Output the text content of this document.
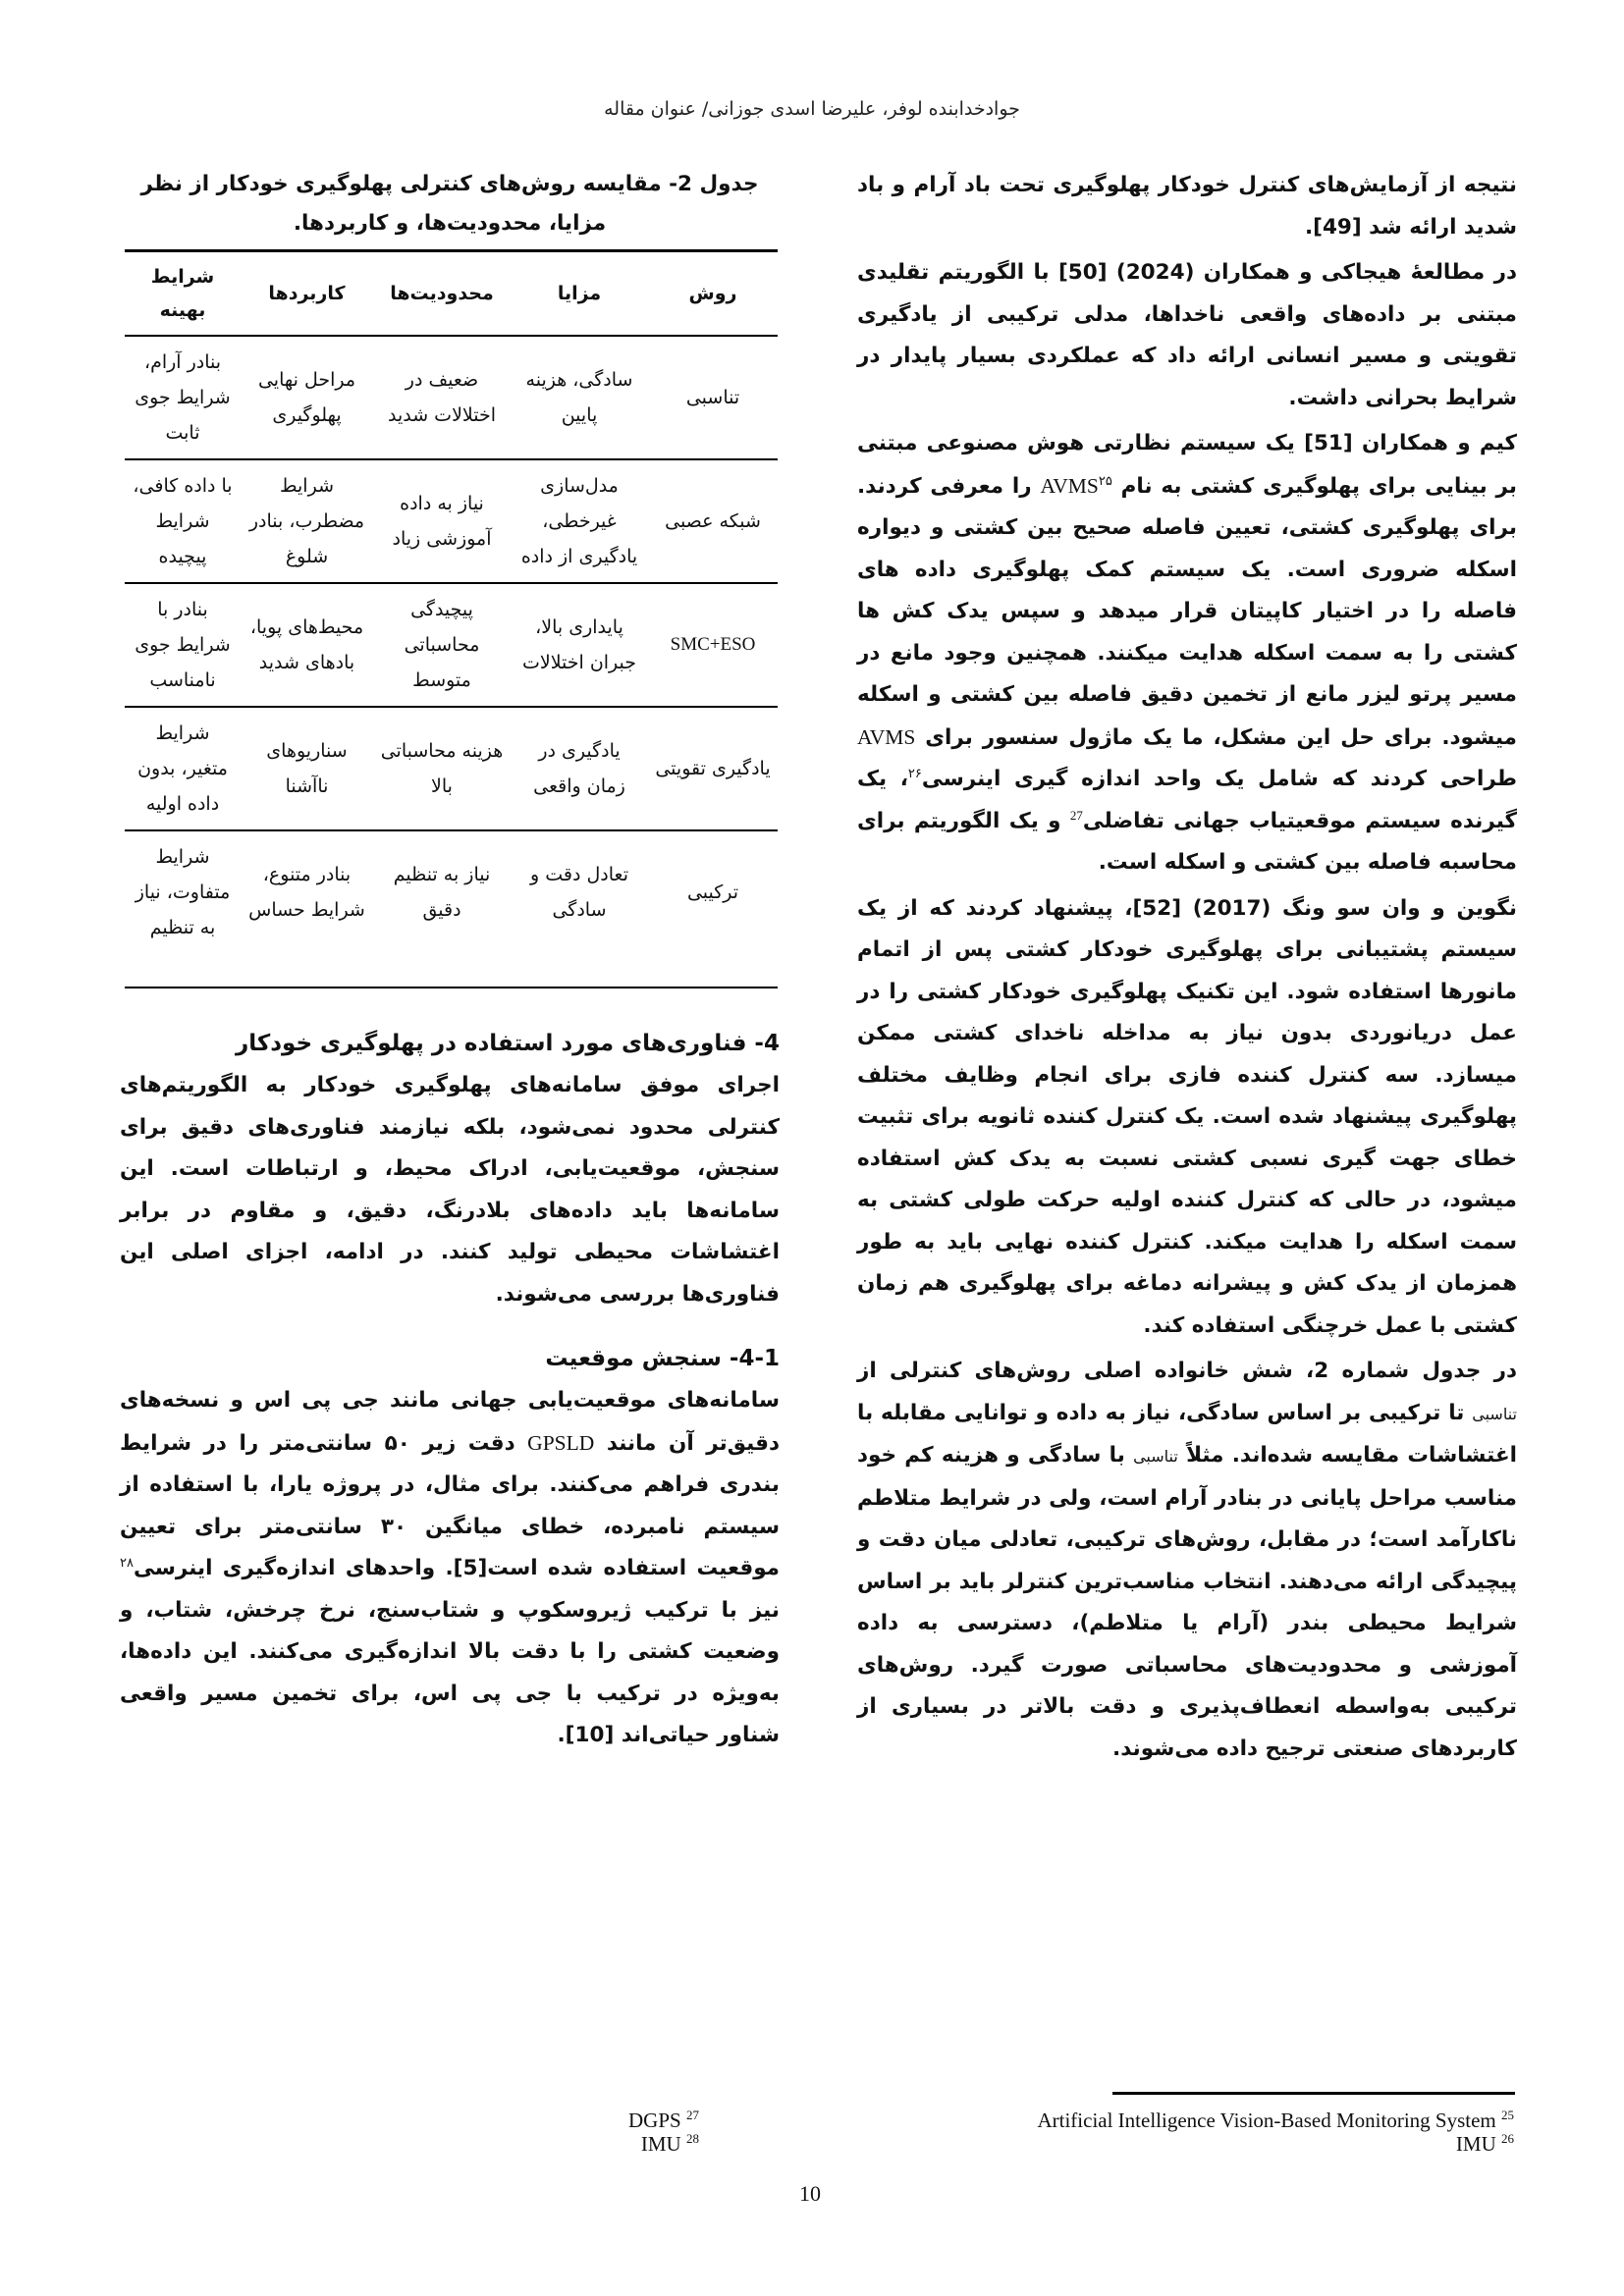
جوادخدابنده لوفر، علیرضا اسدی جوزانی/ عنوان مقاله

نتیجه از آزمایش‌های کنترل خودکار پهلوگیری تحت باد آرام و باد شدید ارائه شد [49].

در مطالعهٔ هیجاکی و همکاران (2024) [50] با الگوریتم تقلیدی مبتنی بر داده‌های واقعی ناخداها، مدلی ترکیبی از یادگیری تقویتی و مسیر انسانی ارائه داد که عملکردی بسیار پایدار در شرایط بحرانی داشت.

کیم و همکاران [51] یک سیستم نظارتی هوش مصنوعی مبتنی بر بینایی برای پهلوگیری کشتی به نام AVMS$^{۲۵}$ را معرفی کردند. برای پهلوگیری کشتی، تعیین فاصله صحیح بین کشتی و دیواره اسکله ضروری است. یک سیستم کمک پهلوگیری داده های فاصله را در اختیار کاپیتان قرار میدهد و سپس یدک کش ها کشتی را به سمت اسکله هدایت میکنند. همچنین وجود مانع در مسیر پرتو لیزر مانع از تخمین دقیق فاصله بین کشتی و اسکله میشود. برای حل این مشکل، ما یک ماژول سنسور برای AVMS طراحی کردند که شامل یک واحد اندازه گیری اینرسی$^{۲۶}$، یک گیرنده سیستم موقعیتیاب جهانی تفاضلی$^{27}$ و یک الگوریتم برای محاسبه فاصله بین کشتی و اسکله است.

نگوین و وان سو ونگ (2017) [52]، پیشنهاد کردند که از یک سیستم پشتیبانی برای پهلوگیری خودکار کشتی پس از اتمام مانورها استفاده شود. این تکنیک پهلوگیری خودکار کشتی را در عمل دریانوردی بدون نیاز به مداخله ناخدای کشتی ممکن میسازد. سه کنترل کننده فازی برای انجام وظایف مختلف پهلوگیری پیشنهاد شده است. یک کنترل کننده ثانویه برای تثبیت خطای جهت گیری نسبی کشتی نسبت به یدک کش استفاده میشود، در حالی که کنترل کننده اولیه حرکت طولی کشتی به سمت اسکله را هدایت میکند. کنترل کننده نهایی باید به طور همزمان از یدک کش و پیشرانه دماغه برای پهلوگیری هم زمان کشتی با عمل خرچنگی استفاده کند.

در جدول شماره 2، شش خانواده اصلی روش‌های کنترلی از تناسبی تا ترکیبی بر اساس سادگی، نیاز به داده و توانایی مقابله با اغتشاشات مقایسه شده‌اند. مثلاً تناسبی با سادگی و هزینه کم خود مناسب مراحل پایانی در بنادر آرام است، ولی در شرایط متلاطم ناکارآمد است؛ در مقابل، روش‌های ترکیبی، تعادلی میان دقت و پیچیدگی ارائه می‌دهند. انتخاب مناسب‌ترین کنترلر باید بر اساس شرایط محیطی بندر (آرام یا متلاطم)، دسترسی به داده آموزشی و محدودیت‌های محاسباتی صورت گیرد. روش‌های ترکیبی به‌واسطه انعطاف‌پذیری و دقت بالاتر در بسیاری از کاربردهای صنعتی ترجیح داده می‌شوند.

جدول 2- مقایسه روش‌های کنترلی پهلوگیری خودکار از نظر مزایا، محدودیت‌ها، و کاربردها.
روش	مزایا	محدودیت‌ها	کاربردها	شرایط بهینه
تناسبی	سادگی، هزینه پایین	ضعیف در اختلالات شدید	مراحل نهایی پهلوگیری	بنادر آرام، شرایط جوی ثابت
شبکه عصبی	مدل‌سازی غیرخطی، یادگیری از داده	نیاز به داده آموزشی زیاد	شرایط مضطرب، بنادر شلوغ	با داده کافی، شرایط پیچیده
SMC+ESO	پایداری بالا، جبران اختلالات	پیچیدگی محاسباتی متوسط	محیط‌های پویا، بادهای شدید	بنادر با شرایط جوی نامناسب
یادگیری تقویتی	یادگیری در زمان واقعی	هزینه محاسباتی بالا	سناریوهای ناآشنا	شرایط متغیر، بدون داده اولیه
ترکیبی	تعادل دقت و سادگی	نیاز به تنظیم دقیق	بنادر متنوع، شرایط حساس	شرایط متفاوت، نیاز به تنظیم
4- فناوری‌های مورد استفاده در پهلوگیری خودکار

اجرای موفق سامانه‌های پهلوگیری خودکار به الگوریتم‌های کنترلی محدود نمی‌شود، بلکه نیازمند فناوری‌های دقیق برای سنجش، موقعیت‌یابی، ادراک محیط، و ارتباطات است. این سامانه‌ها باید داده‌های بلادرنگ، دقیق، و مقاوم در برابر اغتشاشات محیطی تولید کنند. در ادامه، اجزای اصلی این فناوری‌ها بررسی می‌شوند.

4-1- سنجش موقعیت

سامانه‌های موقعیت‌یابی جهانی مانند جی پی اس و نسخه‌های دقیق‌تر آن مانند GPSLD دقت زیر ۵۰ سانتی‌متر را در شرایط بندری فراهم می‌کنند. برای مثال، در پروژه یارا، با استفاده از سیستم نامبرده، خطای میانگین ۳۰ سانتی‌متر برای تعیین موقعیت استفاده شده است[5]. واحدهای اندازه‌گیری اینرسی$^{۲۸}$ نیز با ترکیب ژیروسکوپ و شتاب‌سنج، نرخ چرخش، شتاب، و وضعیت کشتی را با دقت بالا اندازه‌گیری می‌کنند. این داده‌ها، به‌ویژه در ترکیب با جی پی اس، برای تخمین مسیر واقعی شناور حیاتی‌اند [10].

Artificial Intelligence Vision-Based Monitoring System $^{25}$
IMU $^{26}$
DGPS $^{27}$
IMU $^{28}$
10
